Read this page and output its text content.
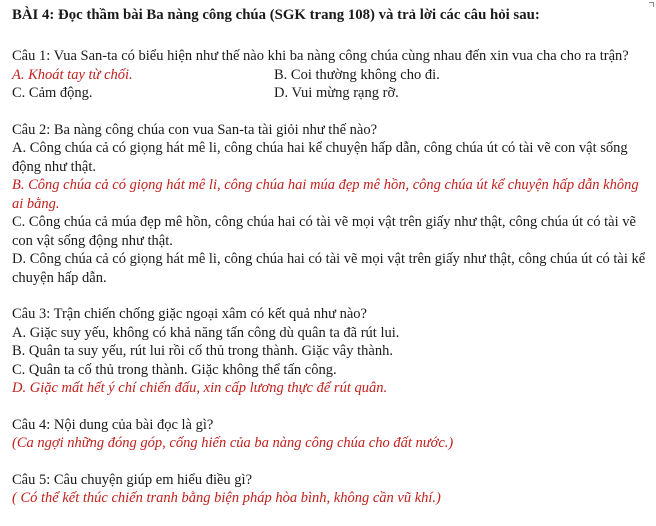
BÀI 4: Đọc thầm bài Ba nàng công chúa (SGK trang 108) và trả lời các câu hỏi sau:

Câu 1: Vua San-ta có biểu hiện như thế nào khi ba nàng công chúa cùng nhau đến xin vua cha cho ra trận?

A. Khoát tay từ chối.	B. Coi thường không cho đi.
C. Cảm động.	D. Vui mừng rạng rỡ.

Câu 2: Ba nàng công chúa con vua San-ta tài giỏi như thế nào?

A. Công chúa cả có giọng hát mê li, công chúa hai kể chuyện hấp dẫn, công chúa út có tài vẽ con vật sống động như thật.

B. Công chúa cả có giọng hát mê li, công chúa hai múa đẹp mê hồn, công chúa út kể chuyện hấp dẫn không ai bằng.

C. Công chúa cả múa đẹp mê hồn, công chúa hai có tài vẽ mọi vật trên giấy như thật, công chúa út có tài vẽ con vật sống động như thật.

D. Công chúa cả có giọng hát mê li, công chúa hai có tài vẽ mọi vật trên giấy như thật, công chúa út có tài kể chuyện hấp dẫn.

Câu 3: Trận chiến chống giặc ngoại xâm có kết quả như nào?

A. Giặc suy yếu, không có khả năng tấn công dù quân ta đã rút lui.

B. Quân ta suy yếu, rút lui rồi cố thủ trong thành. Giặc vây thành.

C. Quân ta cố thủ trong thành. Giặc không thể tấn công.

D. Giặc mất hết ý chí chiến đấu, xin cấp lương thực để rút quân.

Câu 4: Nội dung của bài đọc là gì?

(Ca ngợi những đóng góp, cống hiến của ba nàng công chúa cho đất nước.)

Câu 5: Câu chuyện giúp em hiểu điều gì?

( Có thể kết thúc chiến tranh bằng biện pháp hòa bình, không cần vũ khí.)
